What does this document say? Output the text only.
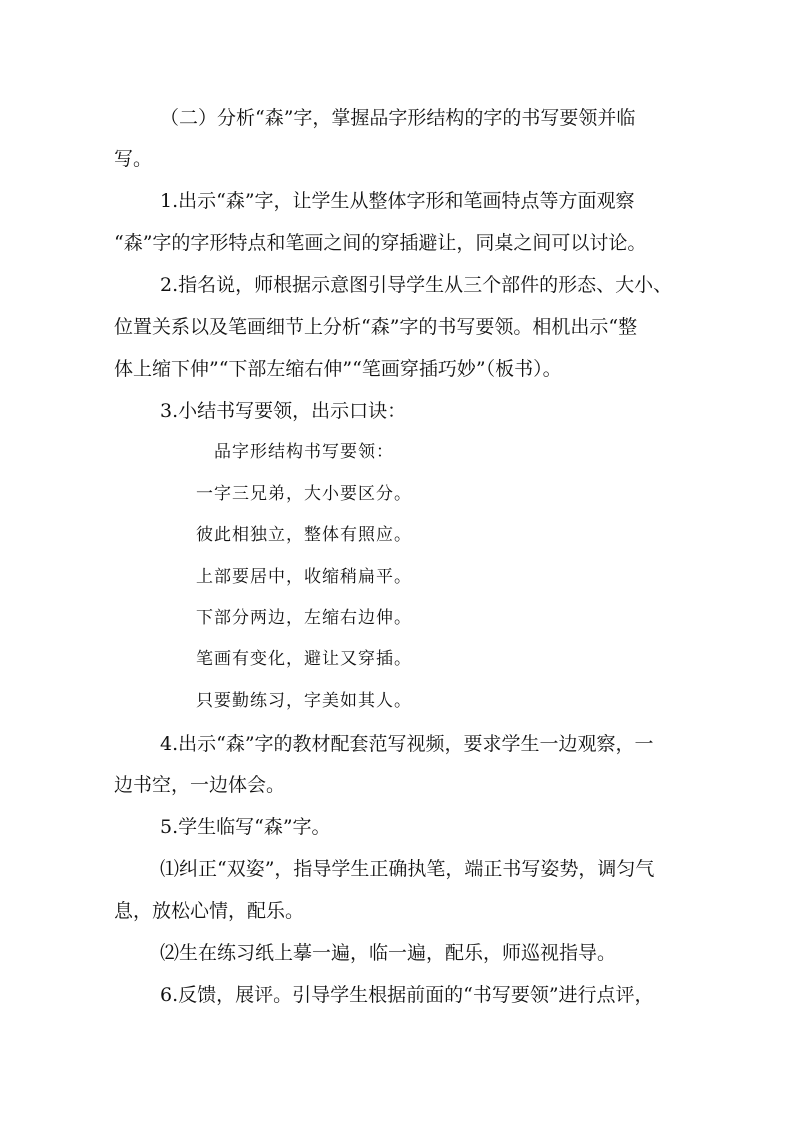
（二）分析“森”字，掌握品字形结构的字的书写要领并临
写。
1.出示“森”字，让学生从整体字形和笔画特点等方面观察
“森”字的字形特点和笔画之间的穿插避让，同桌之间可以讨论。
2.指名说，师根据示意图引导学生从三个部件的形态、大小、
位置关系以及笔画细节上分析“森”字的书写要领。相机出示“整
体上缩下伸”“下部左缩右伸”“笔画穿插巧妙”（板书）。
3.小结书写要领，出示口诀：
品字形结构书写要领：
一字三兄弟，大小要区分。
彼此相独立，整体有照应。
上部要居中，收缩稍扁平。
下部分两边，左缩右边伸。
笔画有变化，避让又穿插。
只要勤练习，字美如其人。
4.出示“森”字的教材配套范写视频，要求学生一边观察，一
边书空，一边体会。
5.学生临写“森”字。
⑴纠正“双姿”，指导学生正确执笔，端正书写姿势，调匀气
息，放松心情，配乐。
⑵生在练习纸上摹一遍，临一遍，配乐，师巡视指导。
6.反馈，展评。引导学生根据前面的“书写要领”进行点评，
